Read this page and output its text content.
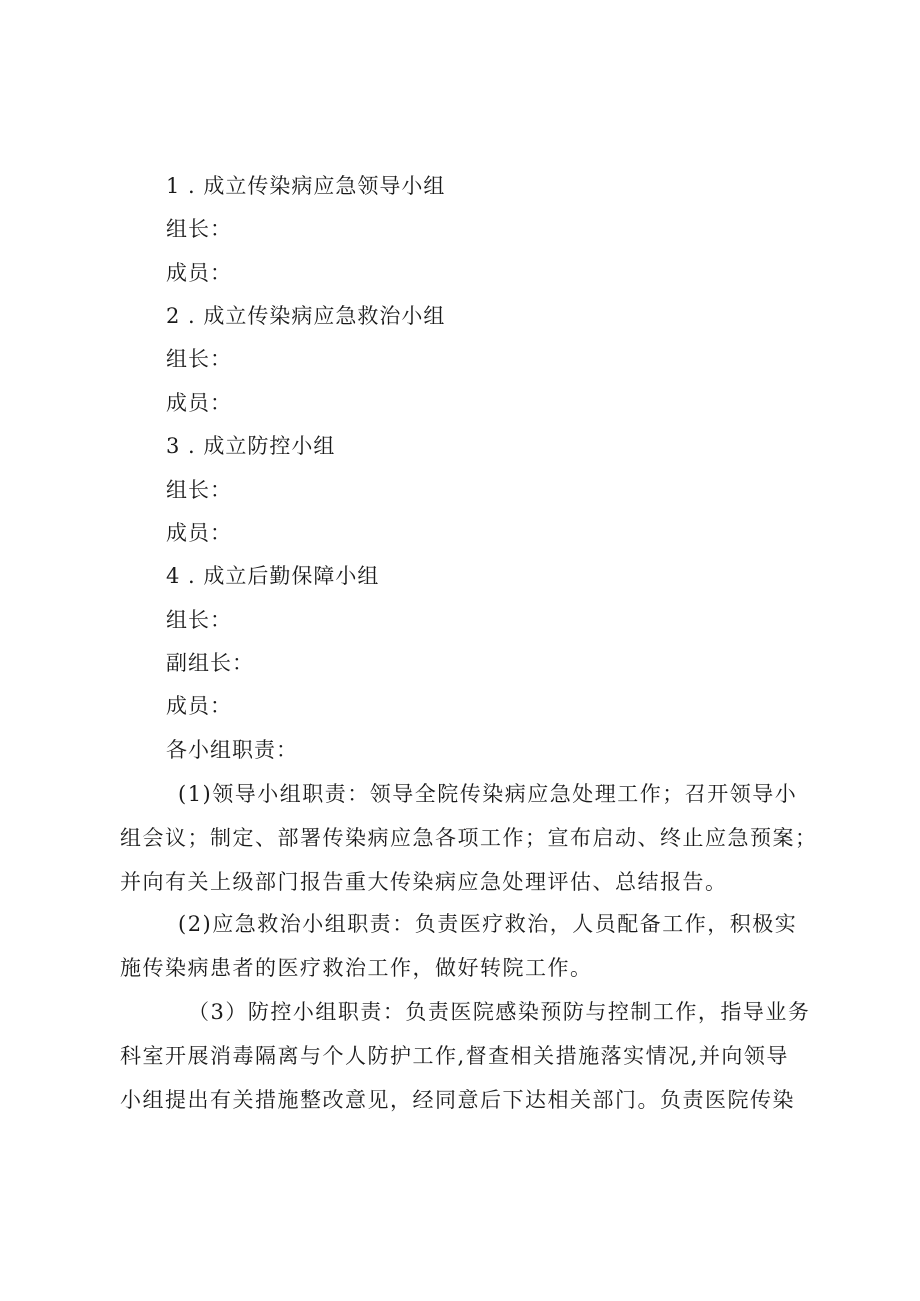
1 . 成立传染病应急领导小组
组长：
成员：
2 . 成立传染病应急救治小组
组长：
成员：
3 . 成立防控小组
组长：
成员：
4 . 成立后勤保障小组
组长：
副组长：
成员：
各小组职责：
(1)领导小组职责：领导全院传染病应急处理工作；召开领导小
组会议；制定、部署传染病应急各项工作；宣布启动、终止应急预案；
并向有关上级部门报告重大传染病应急处理评估、总结报告。
(2)应急救治小组职责：负责医疗救治，人员配备工作，积极实
施传染病患者的医疗救治工作，做好转院工作。
（3）防控小组职责：负责医院感染预防与控制工作，指导业务
科室开展消毒隔离与个人防护工作,督查相关措施落实情况,并向领导
小组提出有关措施整改意见，经同意后下达相关部门。负责医院传染
